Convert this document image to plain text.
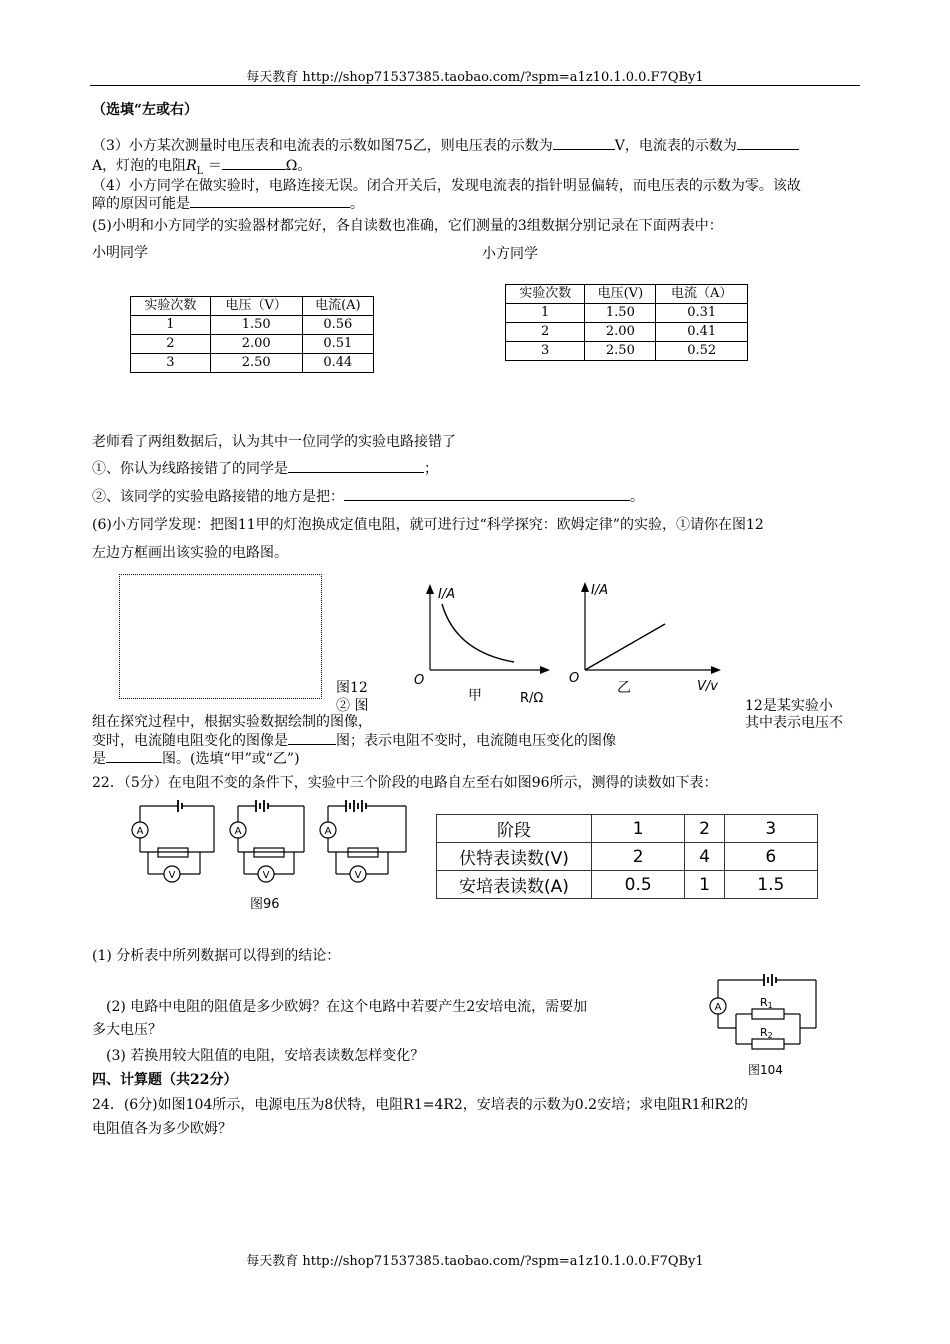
每天教育 http://shop71537385.taobao.com/?spm=a1z10.1.0.0.F7QBy1
（选填“左或右）
（3）小方某次测量时电压表和电流表的示数如图75乙，则电压表的示数为	V，电流表的示数为
A，灯泡的电阻$R_L$ ＝	Ω。
（4）小方同学在做实验时，电路连接无误。闭合开关后，发现电流表的指针明显偏转，而电压表的示数为零。该故
障的原因可能是	。
(5)小明和小方同学的实验器材都完好，各自读数也准确，它们测量的3组数据分别记录在下面两表中：
小明同学	小方同学
实验次数	电压（V）	电流(A)
1	1.50	0.56
2	2.00	0.51
3	2.50	0.44
实验次数	电压(V)	电流（A）
1	1.50	0.31
2	2.00	0.41
3	2.50	0.52
老师看了两组数据后，认为其中一位同学的实验电路接错了
①、你认为线路接错了的同学是	；
②、该同学的实验电路接错的地方是把：	。
(6)小方同学发现：把图11甲的灯泡换成定值电阻，就可进行过“科学探究：欧姆定律”的实验，①请你在图12
左边方框画出该实验的电路图。
图12
② 图	12是某实验小
组在探究过程中，根据实验数据绘制的图像，	其中表示电压不
变时，电流随电阻变化的图像是	图；表示电阻不变时，电流随电压变化的图像
是	图。(选填“甲”或“乙”)
I/A
O
甲	R/Ω
I/A
O
乙	V/v
22．（5分）在电阻不变的条件下，实验中三个阶段的电路自左至右如图96所示，测得的读数如下表：
A
V
A
V
A
V
图96
阶段	1	2	3
伏特表读数(V)	2	4	6
安培表读数(A)	0.5	1	1.5
(1) 分析表中所列数据可以得到的结论：
(2) 电路中电阻的阻值是多少欧姆？在这个电路中若要产生2安培电流，需要加
多大电压？
(3) 若换用较大阻值的电阻，安培表读数怎样变化？
A	R1
R2
图104
四、计算题（共22分）
24．(6分)如图104所示，电源电压为8伏特，电阻R1=4R2，安培表的示数为0.2安培；求电阻R1和R2的
电阻值各为多少欧姆？
每天教育 http://shop71537385.taobao.com/?spm=a1z10.1.0.0.F7QBy1
